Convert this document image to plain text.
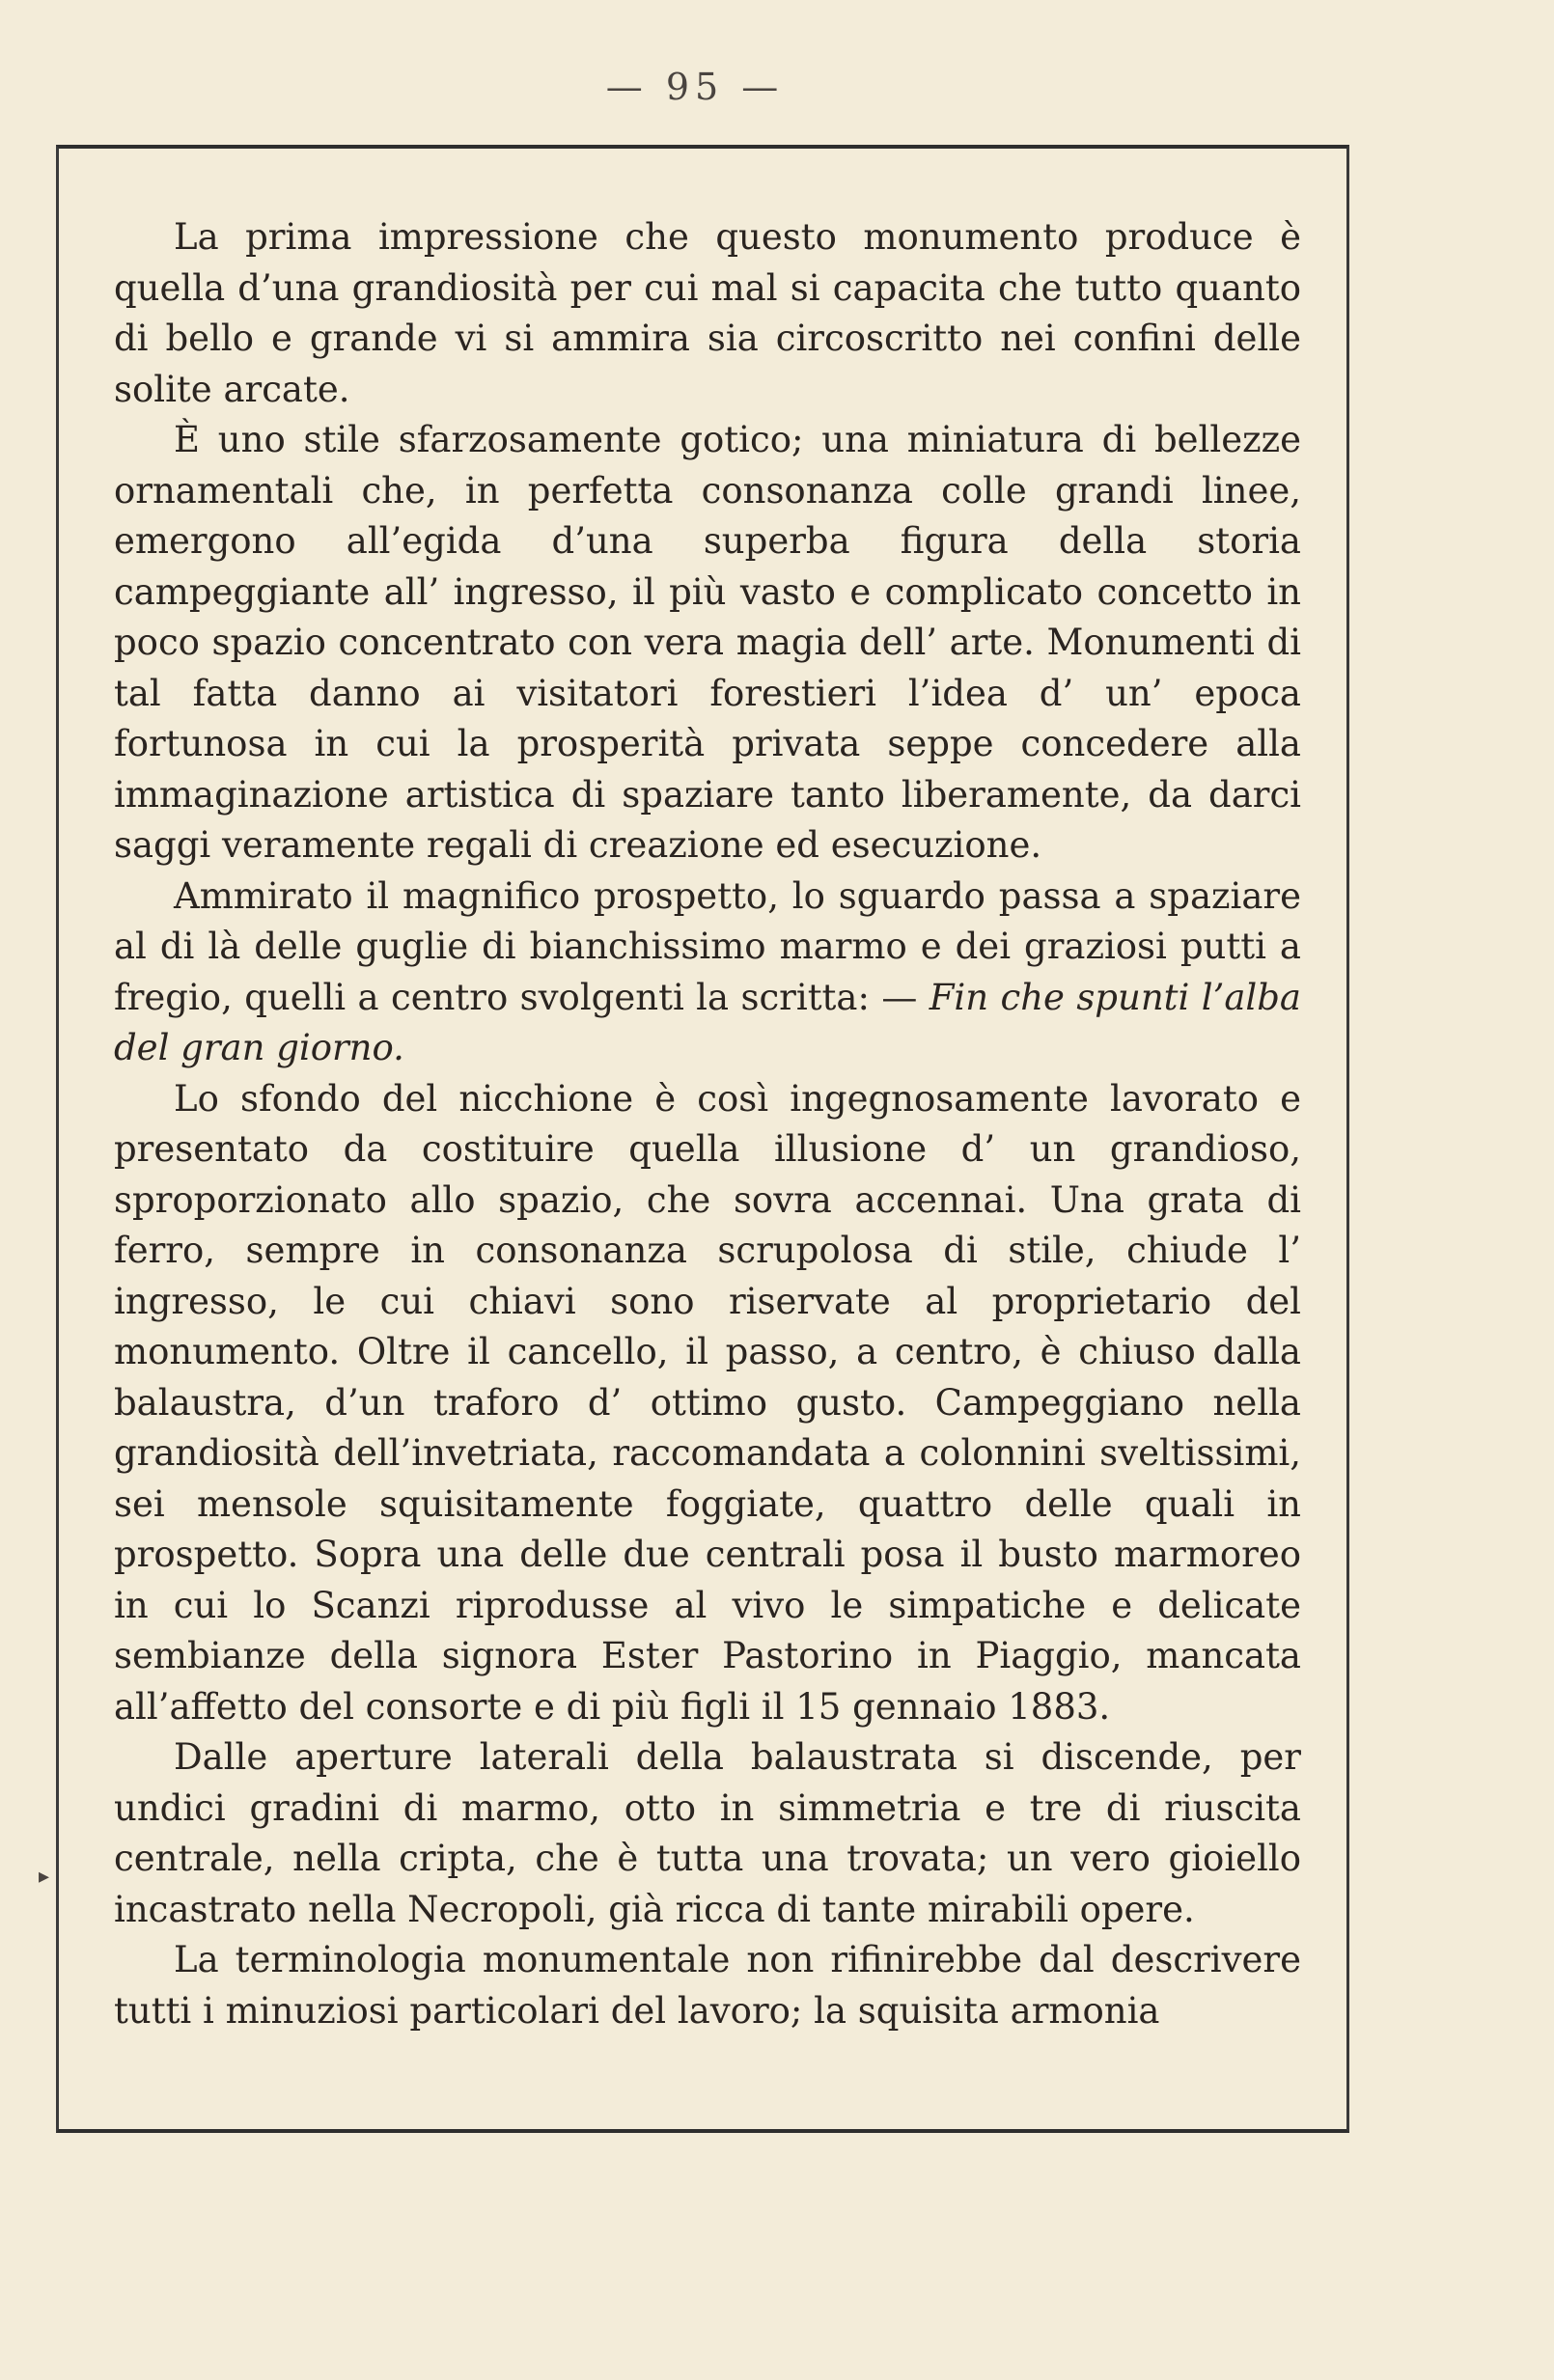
— 95 —

La prima impressione che questo monumento produce è quella d’una grandiosità per cui mal si capacita che tutto quanto di bello e grande vi si ammira sia circoscritto nei confini delle solite arcate.

È uno stile sfarzosamente gotico; una miniatura di bellezze ornamentali che, in perfetta consonanza colle grandi linee, emergono all’egida d’una superba figura della storia campeggiante all’ ingresso, il più vasto e complicato concetto in poco spazio concentrato con vera magia dell’ arte. Monumenti di tal fatta danno ai visitatori forestieri l’idea d’ un’ epoca fortunosa in cui la prosperità privata seppe concedere alla immaginazione artistica di spaziare tanto liberamente, da darci saggi veramente regali di creazione ed esecuzione.

Ammirato il magnifico prospetto, lo sguardo passa a spaziare al di là delle guglie di bianchissimo marmo e dei graziosi putti a fregio, quelli a centro svolgenti la scritta: — Fin che spunti l’alba del gran giorno.

Lo sfondo del nicchione è così ingegnosamente lavorato e presentato da costituire quella illusione d’ un grandioso, sproporzionato allo spazio, che sovra accennai. Una grata di ferro, sempre in consonanza scrupolosa di stile, chiude l’ ingresso, le cui chiavi sono riservate al proprietario del monumento. Oltre il cancello, il passo, a centro, è chiuso dalla balaustra, d’un traforo d’ ottimo gusto. Campeggiano nella grandiosità dell’invetriata, raccomandata a colonnini sveltissimi, sei mensole squisitamente foggiate, quattro delle quali in prospetto. Sopra una delle due centrali posa il busto marmoreo in cui lo Scanzi riprodusse al vivo le simpatiche e delicate sembianze della signora Ester Pastorino in Piaggio, mancata all’affetto del consorte e di più figli il 15 gennaio 1883.

Dalle aperture laterali della balaustrata si discende, per undici gradini di marmo, otto in simmetria e tre di riuscita centrale, nella cripta, che è tutta una trovata; un vero gioiello incastrato nella Necropoli, già ricca di tante mirabili opere.

La terminologia monumentale non rifinirebbe dal descrivere tutti i minuziosi particolari del lavoro; la squisita armonia

▸
